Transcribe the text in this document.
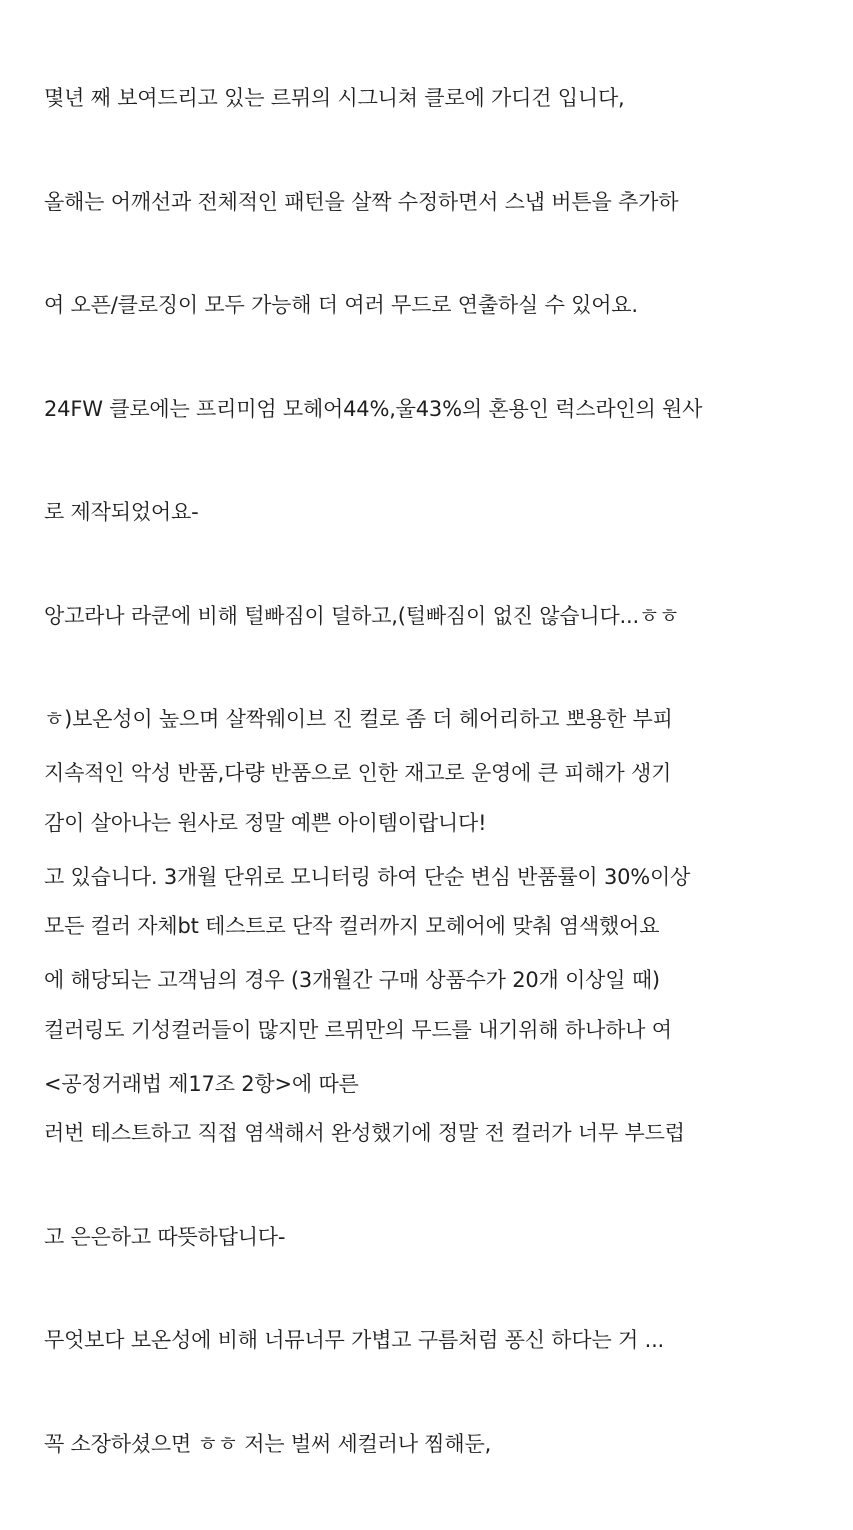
몇년 째 보여드리고 있는 르뮈의 시그니쳐 클로에 가디건 입니다,

올해는 어깨선과 전체적인 패턴을 살짝 수정하면서 스냅 버튼을 추가하

여 오픈/클로징이 모두 가능해 더 여러 무드로 연출하실 수 있어요.

24FW 클로에는 프리미엄 모헤어44%,울43%의 혼용인 럭스라인의 원사

로 제작되었어요-

앙고라나 라쿤에 비해 털빠짐이 덜하고,(털빠짐이 없진 않습니다...ㅎㅎ

ㅎ)보온성이 높으며 살짝웨이브 진 컬로 좀 더 헤어리하고 뽀용한 부피

감이 살아나는 원사로 정말 예쁜 아이템이랍니다!

모든 컬러 자체bt 테스트로 단작 컬러까지 모헤어에 맞춰 염색했어요

컬러링도 기성컬러들이 많지만 르뮈만의 무드를 내기위해 하나하나 여

러번 테스트하고 직접 염색해서 완성했기에 정말 전 컬러가 너무 부드럽

고 은은하고 따뜻하답니다-

무엇보다 보온성에 비해 너뮤너무 가볍고 구름처럼 퐁신 하다는 거 ...

꼭 소장하셨으면 ㅎㅎ 저는 벌써 세컬러나 찜해둔,

지속적인 악성 반품,다량 반품으로 인한 재고로 운영에 큰 피해가 생기

고 있습니다. 3개월 단위로 모니터링 하여 단순 변심 반품률이 30%이상

에 해당되는 고객님의 경우 (3개월간 구매 상품수가 20개 이상일 때)

<공정거래법 제17조 2항>에 따른
